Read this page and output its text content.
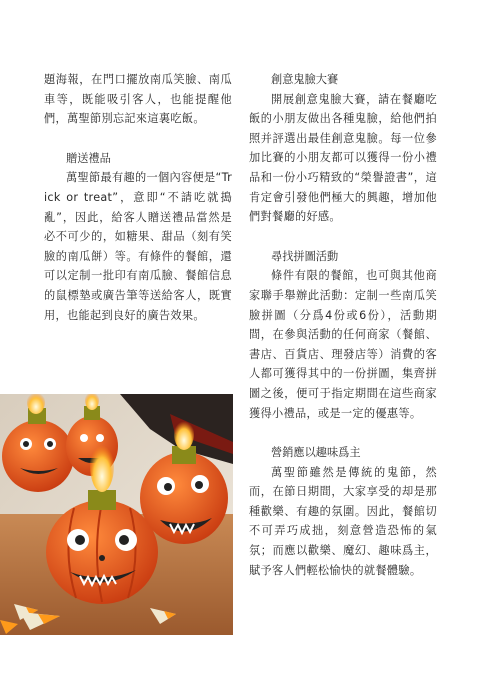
題海報，在門口擺放南瓜笑臉、南瓜車等，既能吸引客人，也能提醒他們，萬聖節別忘記來這裏吃飯。

贈送禮品

萬聖節最有趣的一個內容便是“Trick or treat”，意即“不請吃就搗亂”，因此，給客人贈送禮品當然是必不可少的，如糖果、甜品（刻有笑臉的南瓜餅）等。有條件的餐館，還可以定制一批印有南瓜臉、餐館信息的鼠標墊或廣告筆等送給客人，既實用，也能起到良好的廣告效果。

創意鬼臉大賽

開展創意鬼臉大賽，請在餐廳吃飯的小朋友做出各種鬼臉，給他們拍照并評選出最佳創意鬼臉。每一位參加比賽的小朋友都可以獲得一份小禮品和一份小巧精致的“榮譽證書”，這肯定會引發他們極大的興趣，增加他們對餐廳的好感。

尋找拼圖活動

條件有限的餐館，也可與其他商家聯手舉辦此活動：定制一些南瓜笑臉拼圖（分爲4份或6份），活動期間，在參與活動的任何商家（餐館、書店、百貨店、理發店等）消費的客人都可獲得其中的一份拼圖，集齊拼圖之後，便可于指定期間在這些商家獲得小禮品，或是一定的優惠等。

營銷應以趣味爲主

萬聖節雖然是傳統的鬼節，然而，在節日期間，大家享受的却是那種歡樂、有趣的氛圍。因此，餐館切不可弄巧成拙，刻意營造恐怖的氣氛；而應以歡樂、魔幻、趣味爲主，賦予客人們輕松愉快的就餐體驗。
